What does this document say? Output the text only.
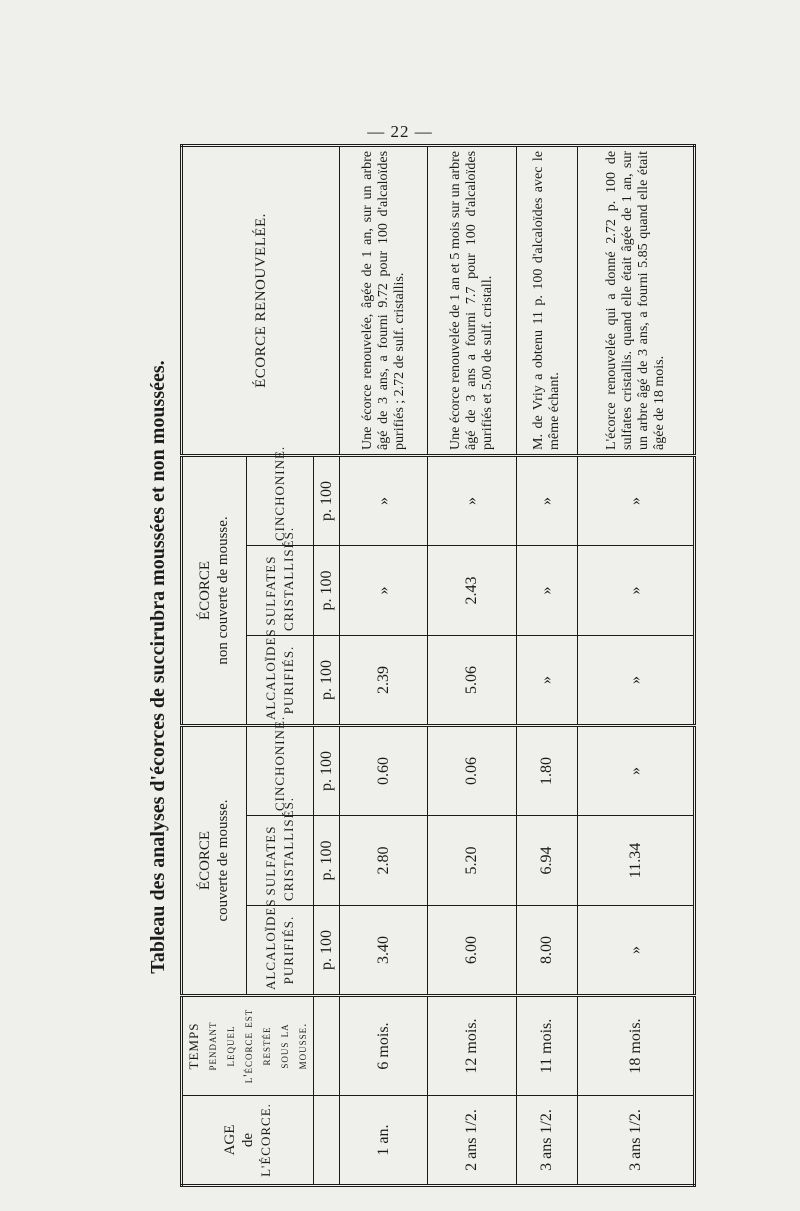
— 22 —
Tableau des analyses d'écorces de succirubra moussées et non moussées.
AGE de L'ÉCORCE.	TEMPS pendant lequel l'écorce est restée sous la mousse.	ÉCORCE couverte de mousse.			ÉCORCE non couverte de mousse.			ÉCORCE RENOUVELÉE.

		ALCALOÏDES PURIFIÉS.	SULFATES CRISTALLISÉS.	CINCHONINE.	ALCALOÏDES PURIFIÉS.	SULFATES CRISTALLISÉS.	CINCHONINE.	
		p. 100	p. 100	p. 100	p. 100	p. 100	p. 100	
1 an.	6 mois.	3.40	2.80	0.60	2.39	»	»	Une écorce renouvelée, âgée de 1 an, sur un arbre âgé de 3 ans, a fourni 9.72 pour 100 d'alcaloïdes purifiés ; 2.72 de sulf. cristallis.
2 ans 1/2.	12 mois.	6.00	5.20	0.06	5.06	2.43	»	Une écorce renouvelée de 1 an et 5 mois sur un arbre âgé de 3 ans a fourni 7.7 pour 100 d'alcaloïdes purifiés et 5.00 de sulf. cristall.
3 ans 1/2.	11 mois.	8.00	6.94	1.80	»	»	»	M. de Vriy a obtenu 11 p. 100 d'alcaloïdes avec le même échant.
3 ans 1/2.	18 mois.	»	11.34	»	»	»	»	L'écorce renouvelée qui a donné 2.72 p. 100 de sulfates cristallis. quand elle était âgée de 1 an, sur un arbre âgé de 3 ans, a fourni 5.85 quand elle était âgée de 18 mois.
